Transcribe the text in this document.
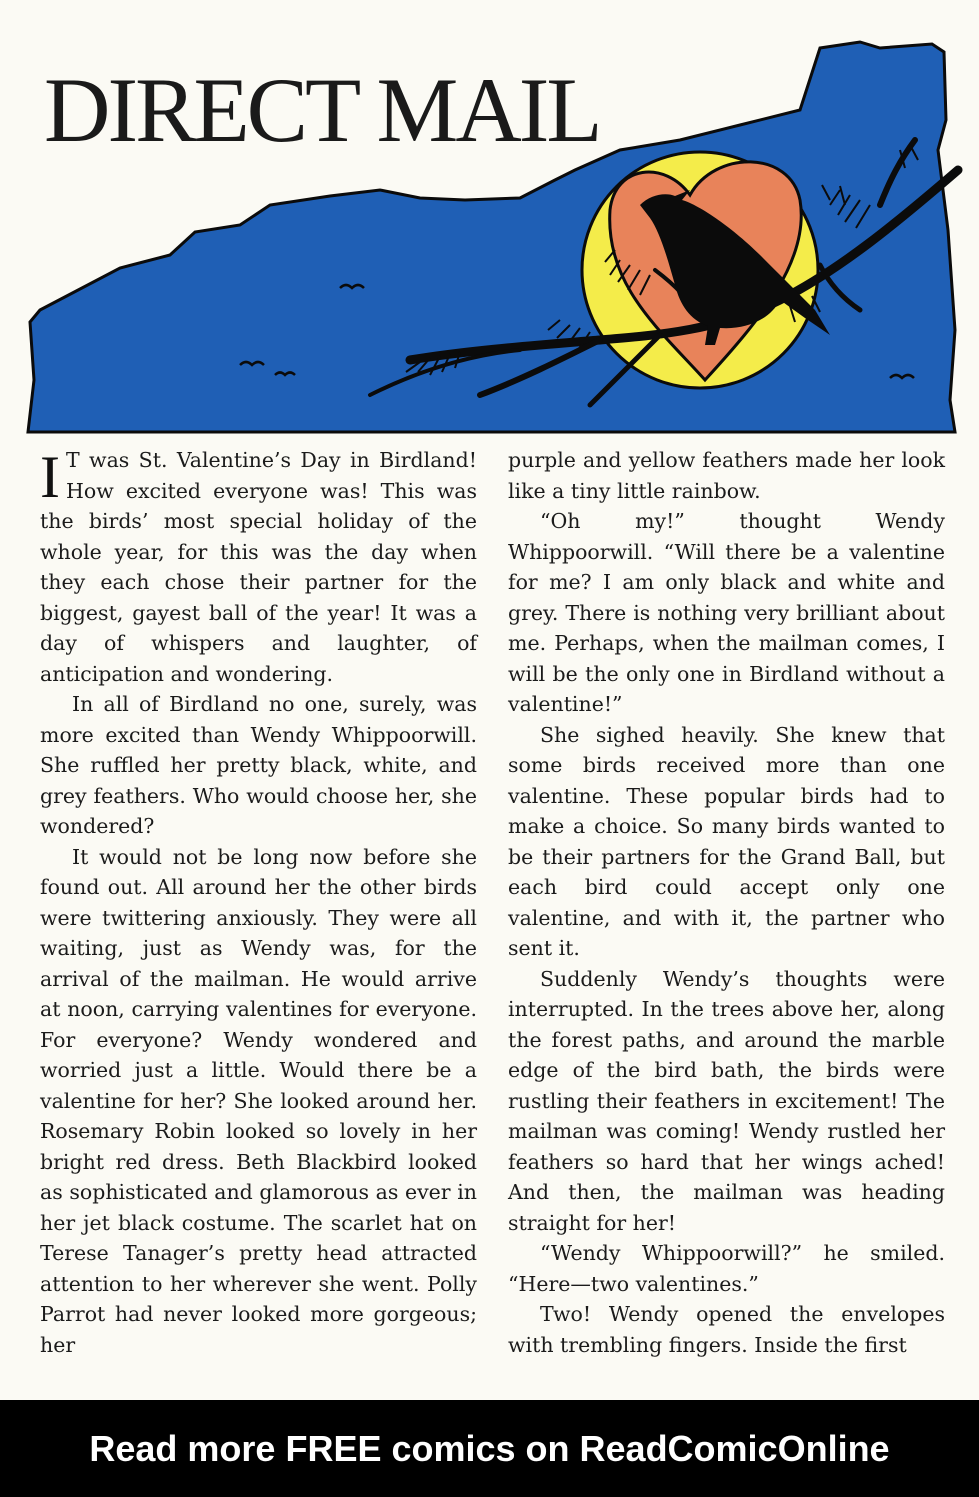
DIRECT MAIL

I T was St. Valentine’s Day in Birdland! How excited everyone was! This was the birds’ most special holiday of the whole year, for this was the day when they each chose their partner for the biggest, gayest ball of the year! It was a day of whispers and laughter, of anticipation and wondering.

In all of Birdland no one, surely, was more excited than Wendy Whippoorwill. She ruffled her pretty black, white, and grey feathers. Who would choose her, she wondered?

It would not be long now before she found out. All around her the other birds were twittering anxiously. They were all waiting, just as Wendy was, for the arrival of the mailman. He would arrive at noon, carrying valentines for everyone. For everyone? Wendy wondered and worried just a little. Would there be a valentine for her? She looked around her. Rosemary Robin looked so lovely in her bright red dress. Beth Blackbird looked as sophisticated and glamorous as ever in her jet black costume. The scarlet hat on Terese Tanager’s pretty head attracted attention to her wherever she went. Polly Parrot had never looked more gorgeous; her

purple and yellow feathers made her look like a tiny little rainbow.

“Oh my!” thought Wendy Whippoorwill. “Will there be a valentine for me? I am only black and white and grey. There is nothing very brilliant about me. Perhaps, when the mailman comes, I will be the only one in Birdland without a valentine!”

She sighed heavily. She knew that some birds received more than one valentine. These popular birds had to make a choice. So many birds wanted to be their partners for the Grand Ball, but each bird could accept only one valentine, and with it, the partner who sent it.

Suddenly Wendy’s thoughts were interrupted. In the trees above her, along the forest paths, and around the marble edge of the bird bath, the birds were rustling their feathers in excitement! The mailman was coming! Wendy rustled her feathers so hard that her wings ached! And then, the mailman was heading straight for her!

“Wendy Whippoorwill?” he smiled. “Here—two valentines.”

Two! Wendy opened the envelopes with trembling fingers. Inside the first

Read more FREE comics on ReadComicOnline
